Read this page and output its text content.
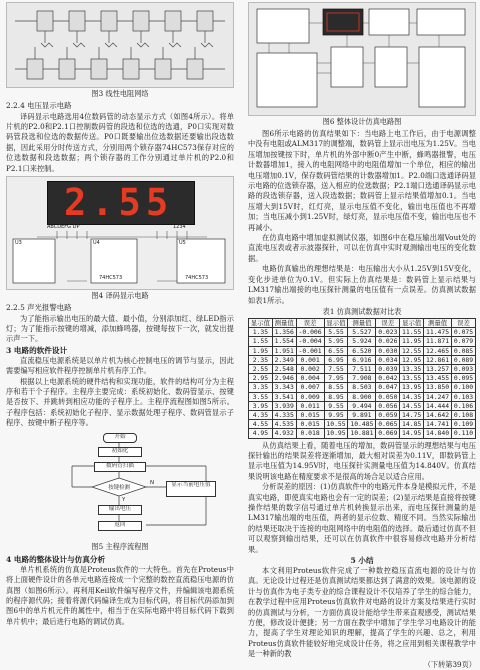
图3 线性电阻网络
2.2.4 电压显示电路

译码显示电路选用4位数码管的动态显示方式（如图4所示）。将单片机的P2.0和P2.1口控制数码管的段选和位选的选通，P0口实现对数码管段选和位选的数据传送。P0口既要输出位选数据还要输出段选数据，因此采用分时传送方式，分别用两个锁存器74HC573保存对应的位选数据和段选数据；两个锁存器的工作分别通过单片机的P2.0和P2.1口来控制。

2.55
ABCDEFG DP	1234
U3	U4	U5
74HC573	74HC573
图4 译码显示电路
2.2.5 声光报警电路

为了能指示输出电压的最大值、最小值，分别添加红、绿LED指示灯；为了能指示按键的增减，添加蜂鸣器，按键每按下一次，就发出提示声一下。

3 电路的软件设计

直流稳压电源系统是以单片机为核心控制电压的调节与显示，因此需要编写相应软件程序控制单片机有序工作。

根据以上电源系统的硬件结构和实现功能，软件的结构可分为主程序和若干个子程序。主程序主要完成：系统初始化、数码管显示、按键是否按下、并跳转到相应功能的子程序上。主程序流程图如图5所示。子程序包括：系统初始化子程序、显示数据处理子程序、数码管显示子程序、按键中断子程序等。

开始
初始化
数码管扫描
按键检测
Y
N	显示当前电压值
输出电压
返回
图5 主程序流程图
4 电路的整体设计与仿真分析

单片机系统的仿真是Proteus软件的一大特色。首先在Proteus中将上面硬件设计的各单元电路连接成一个完整的数控直流稳压电源的仿真图（如图6所示）。再利用Keil软件编写程序文件，并编辑该电源系统的程序源代码；接着将源代码编译生成为目标代码，将目标代码添加到图6中的单片机元件的属性中，相当于在实际电路中将目标代码下载到单片机中；最后进行电路的调试仿真。

图6 整体设计仿真电路图

图6所示电路的仿真结果如下：当电路上电工作后，由于电源调整中没有电阻或ALM317的调整端，数码管上显示出电压为1.25V。当电压增加按键按下时，单片机的外部中断0产生中断，蜂鸣器报警，电压计数器增加1，接入的电阻网络中的电阻值增加一个单位，相应的输出电压增加0.1V，保存数码管结果的计数器增加1。P2.0端口选通译码显示电路的位选锁存器，送入相应的位选数据；P2.1端口选通译码显示电路的段选锁存器，送入段选数据；数码管上显示结果值增加0.1。当电压增大到15V时，红灯亮，显示电压值不变化，输出电压值也不再增加；当电压减小到1.25V时，绿灯亮，显示电压值不变，输出电压也不再减小。

在仿真电路中增加虚拟测试仪器，如图6中在稳压输出端Vout处的直流电压表或者示波器探针，可以在仿真中实时观测输出电压的变化数据。

电路仿真输出的理想结果是：电压输出大小从1.25V到15V变化，变化步进单位为0.1V。但实际上仿真结果是：数码管上显示结果与LM317输出端接的电压探针测量的电压值有一点误差。仿真测试数据如表1所示。

表1 仿真测试数据对比表
显示值	测量值	误差	显示值	测量值	误差	显示值	测量值	误差
1.35	1.356	-0.006	5.55	5.527	0.023	11.55	11.475	0.075
1.55	1.554	-0.004	5.95	5.924	0.026	11.95	11.871	0.079
1.95	1.951	-0.001	6.55	6.520	0.030	12.55	12.465	0.085
2.35	2.349	0.001	6.95	6.916	0.034	12.95	12.861	0.089
2.55	2.548	0.002	7.55	7.511	0.039	13.35	13.257	0.093
2.95	2.946	0.004	7.95	7.908	0.042	13.55	13.455	0.095
3.35	3.343	0.007	8.55	8.503	0.047	13.95	13.850	0.100
3.55	3.541	0.009	8.95	8.900	0.050	14.35	14.247	0.103
3.95	3.939	0.011	9.55	9.494	0.056	14.55	14.444	0.106
4.35	4.335	0.015	9.95	9.891	0.059	14.75	14.642	0.108
4.55	4.535	0.015	10.55	10.485	0.065	14.85	14.741	0.109
4.95	4.932	0.018	10.95	10.881	0.069	14.95	14.840	0.110

从仿真结果上看，随着电压的增加，数码管显示的理想结果与电压探针输出的结果误差将逐渐增加，最大相对误差为0.11V，即数码管上显示电压值为14.95V时，电压探针实测量电压值为14.840V。仿真结果说明该电路在精度要求不是很高的场合足以适合应用。

分析误差的原因：(1)仿真软件中的电路元件本身是模拟元件，不是真实电路，即使真实电路也会有一定的误差；(2)显示结果是直接将按键操作结果的数字信号通过单片机转换显示出来，而电压探针测量的是LM317输出端的电压值，两者的显示位数、精度不同。当然实际输出的结果还取决于连接的电阻网络中的电阻值的选择。最后通过仿真不但可以观察到输出结果，还可以在仿真软件中很容易修改电路并分析结果。

5 小结

本文利用Proteus软件完成了一种数控稳压直流电源的设计与仿真。无论设计过程还是仿真测试结果都达到了满意的效果。该电源的设计与仿真作为电子类专业的综合课程设计不仅培养了学生的综合能力，在教学过程中应用Proteus仿真软件对电路的设计方案及结果进行实时的仿真测试与分析，一方面仿真设计能给学生带来直观感受，测试结果方便，修改设计便捷；另一方面在教学中增加了学生学习电路设计的能力，提高了学生对理论知识的理解，提高了学生的兴趣、总之，利用Proteus仿真软件能较好地完成设计任务，将之应用到相关课程教学中是一种新的教

（下转第39页）
